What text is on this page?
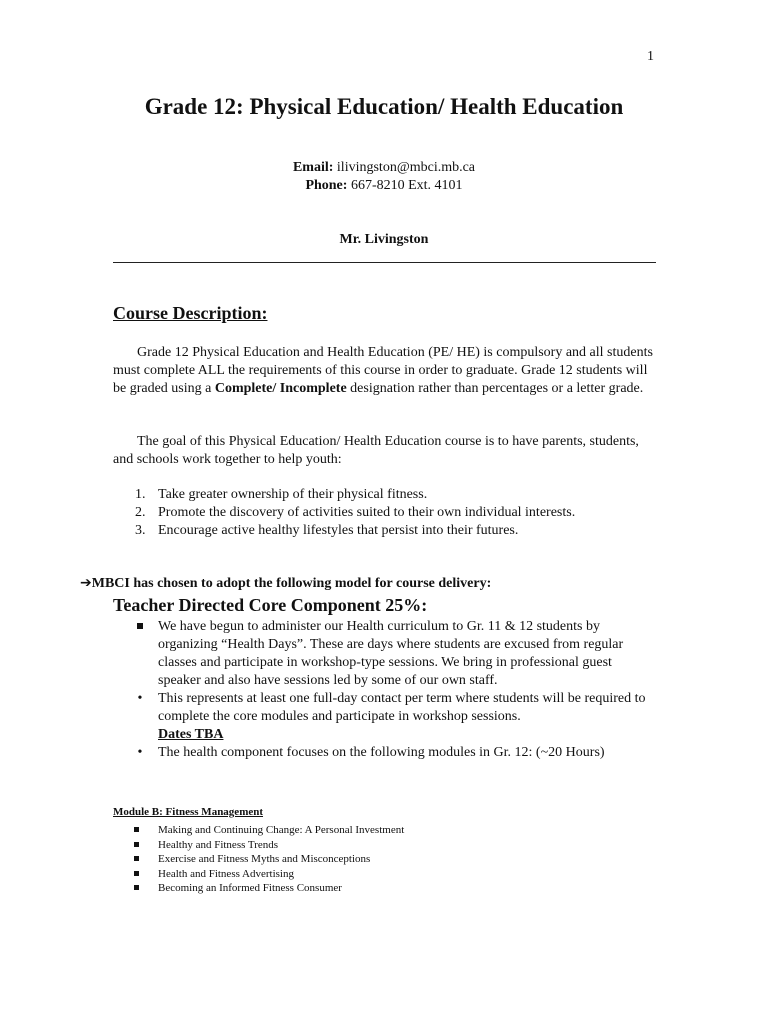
1
Grade 12: Physical Education/ Health Education
Email: ilivingston@mbci.mb.ca
Phone: 667-8210 Ext. 4101
Mr. Livingston
Course Description:
Grade 12 Physical Education and Health Education (PE/ HE) is compulsory and all students must complete ALL the requirements of this course in order to graduate. Grade 12 students will be graded using a Complete/ Incomplete designation rather than percentages or a letter grade.
The goal of this Physical Education/ Health Education course is to have parents, students, and schools work together to help youth:
1. Take greater ownership of their physical fitness.
2. Promote the discovery of activities suited to their own individual interests.
3. Encourage active healthy lifestyles that persist into their futures.
➔MBCI has chosen to adopt the following model for course delivery:
Teacher Directed Core Component 25%:
We have begun to administer our Health curriculum to Gr. 11 & 12 students by organizing “Health Days”. These are days where students are excused from regular classes and participate in workshop-type sessions. We bring in professional guest speaker and also have sessions led by some of our own staff.
•	This represents at least one full-day contact per term where students will be required to complete the core modules and participate in workshop sessions.
Dates TBA
•	The health component focuses on the following modules in Gr. 12: (~20 Hours)
Module B: Fitness Management
Making and Continuing Change: A Personal Investment
Healthy and Fitness Trends
Exercise and Fitness Myths and Misconceptions
Health and Fitness Advertising
Becoming an Informed Fitness Consumer
